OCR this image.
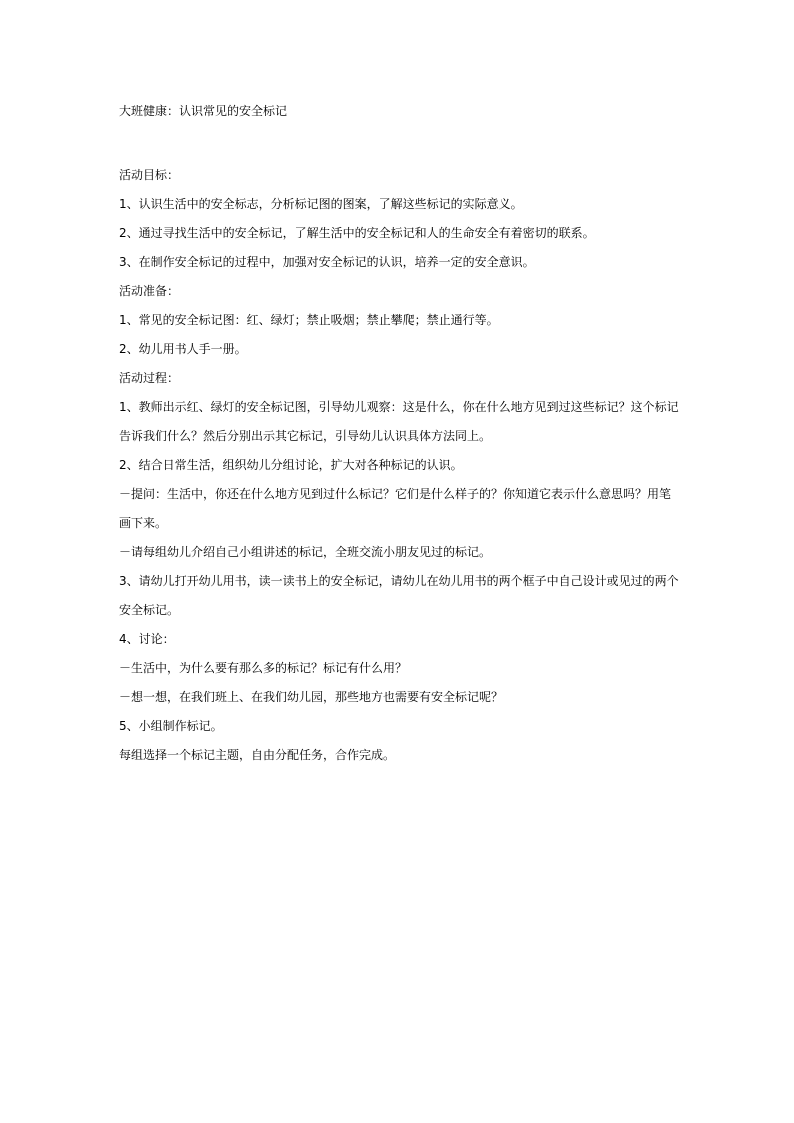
大班健康：认识常见的安全标记

活动目标：

1、认识生活中的安全标志，分析标记图的图案，了解这些标记的实际意义。

2、通过寻找生活中的安全标记，了解生活中的安全标记和人的生命安全有着密切的联系。

3、在制作安全标记的过程中，加强对安全标记的认识，培养一定的安全意识。

活动准备：

1、常见的安全标记图：红、绿灯；禁止吸烟；禁止攀爬；禁止通行等。

2、幼儿用书人手一册。

活动过程：

1、教师出示红、绿灯的安全标记图，引导幼儿观察：这是什么，你在什么地方见到过这些标记？这个标记告诉我们什么？然后分别出示其它标记，引导幼儿认识具体方法同上。

2、结合日常生活，组织幼儿分组讨论，扩大对各种标记的认识。

－提问：生活中，你还在什么地方见到过什么标记？它们是什么样子的？你知道它表示什么意思吗？用笔画下来。

－请每组幼儿介绍自己小组讲述的标记，全班交流小朋友见过的标记。

3、请幼儿打开幼儿用书，读一读书上的安全标记，请幼儿在幼儿用书的两个框子中自己设计或见过的两个安全标记。

4、讨论：

－生活中，为什么要有那么多的标记？标记有什么用？

－想一想，在我们班上、在我们幼儿园，那些地方也需要有安全标记呢？

5、小组制作标记。

每组选择一个标记主题，自由分配任务，合作完成。
